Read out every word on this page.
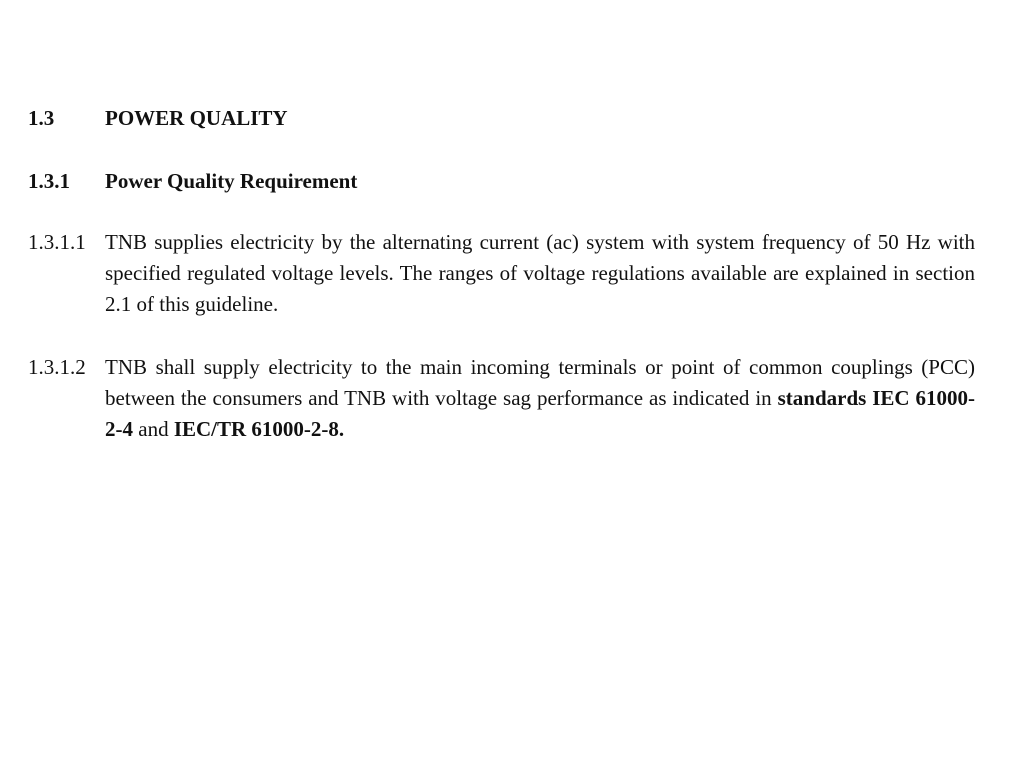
1.3	POWER QUALITY
1.3.1	Power Quality Requirement
1.3.1.1 TNB supplies electricity by the alternating current (ac) system with system frequency of 50 Hz with specified regulated voltage levels. The ranges of voltage regulations available are explained in section 2.1 of this guideline.
1.3.1.2 TNB shall supply electricity to the main incoming terminals or point of common couplings (PCC) between the consumers and TNB with voltage sag performance as indicated in standards IEC 61000-2-4 and IEC/TR 61000-2-8.
